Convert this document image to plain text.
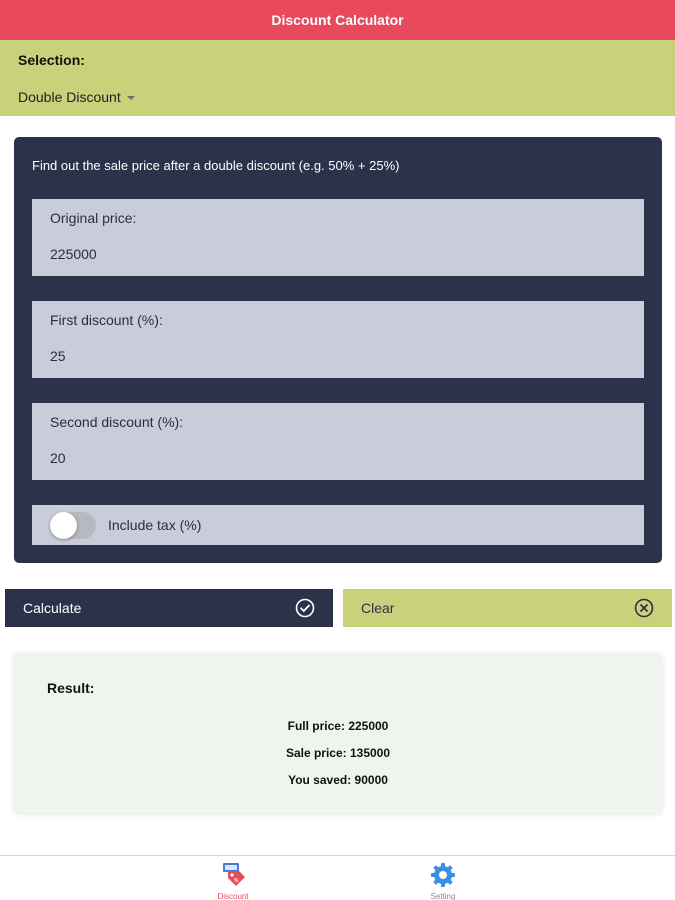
Discount Calculator
Selection:
Double Discount
Find out the sale price after a double discount (e.g. 50% + 25%)
Original price:
225000
First discount (%):
25
Second discount (%):
20
Include tax (%)
Calculate	Clear
Result:
Full price: 225000
Sale price: 135000
You saved: 90000
%
Discount	Setting
